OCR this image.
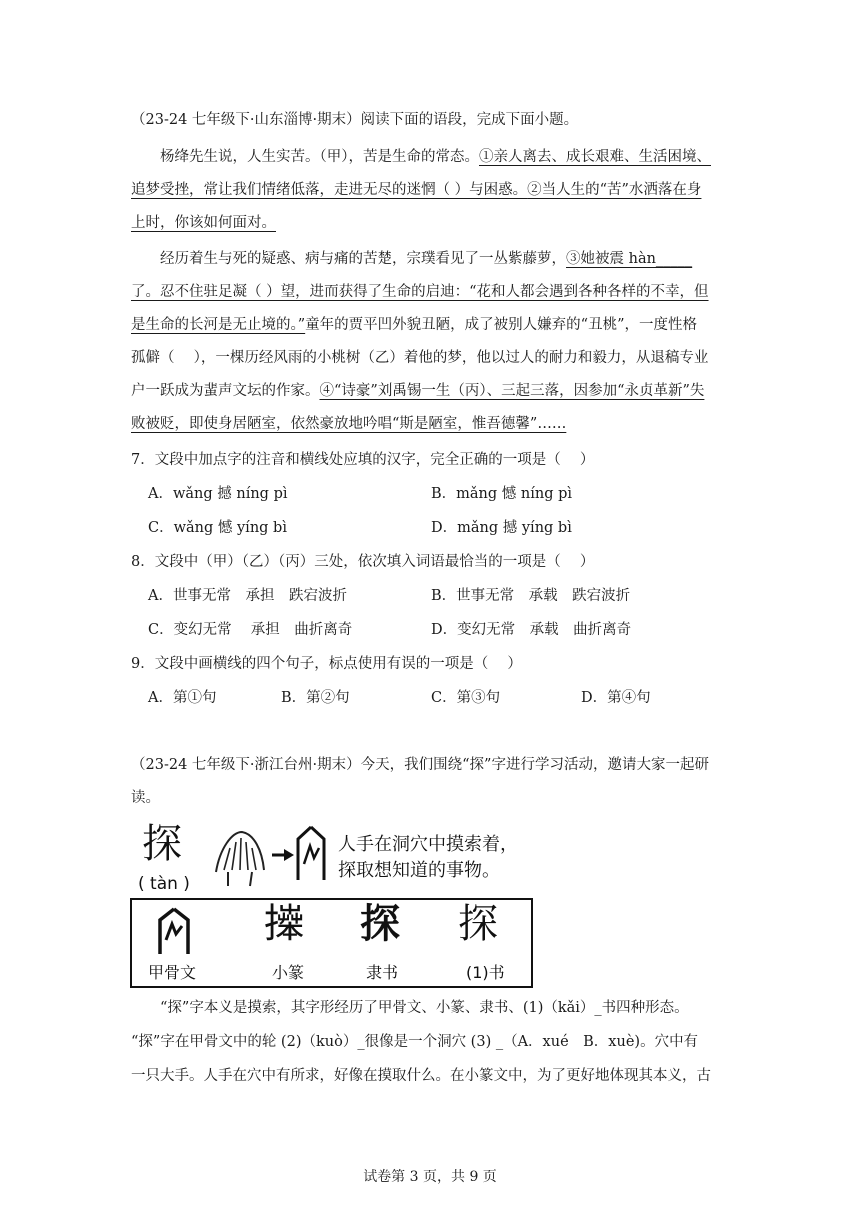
（23-24 七年级下·山东淄博·期末）阅读下面的语段，完成下面小题。
杨绛先生说，人生实苦。（甲），苦是生命的常态。①亲人离去、成长艰难、生活困境、
追梦受挫，常让我们情绪低落，走进无尽的迷惘（ ）与困惑。②当人生的“苦”水洒落在身
上时，你该如何面对。
经历着生与死的疑惑、病与痛的苦楚，宗璞看见了一丛紫藤萝，③她被震 hàn_____
了。忍不住驻足凝（ ）望，进而获得了生命的启迪：“花和人都会遇到各种各样的不幸，但
是生命的长河是无止境的。”童年的贾平凹外貌丑陋，成了被别人嫌弃的“丑桃”，一度性格
孤僻（　 ），一棵历经风雨的小桃树（乙）着他的梦，他以过人的耐力和毅力，从退稿专业
户一跃成为蜚声文坛的作家。④“诗豪”刘禹锡一生（丙）、三起三落，因参加“永贞革新”失
败被贬，即使身居陋室，依然豪放地吟唱“斯是陋室，惟吾德馨”……
7．文段中加点字的注音和横线处应填的汉字，完全正确的一项是（　 ）
A．wǎng 撼 níng pì	B．mǎng 憾 níng pì
C．wǎng 憾 yíng bì	D．mǎng 撼 yíng bì
8．文段中（甲）（乙）（丙）三处，依次填入词语最恰当的一项是（　 ）
A．世事无常　承担　跌宕波折	B．世事无常　承载　跌宕波折
C．变幻无常　 承担　曲折离奇	D．变幻无常　承载　曲折离奇
9．文段中画横线的四个句子，标点使用有误的一项是（　 ）
A．第①句	B．第②句	C．第③句	D．第④句
（23-24 七年级下·浙江台州·期末）今天，我们围绕“探”字进行学习活动，邀请大家一起研
读。
探
( tàn )
人手在洞穴中摸索着，
探取想知道的事物。
𢷎 探 探
甲骨文	小篆	隶书	(1)书
“探”字本义是摸索，其字形经历了甲骨文、小篆、隶书、(1)（kǎi）_书四种形态。
“探”字在甲骨文中的轮 (2)（kuò）_很像是一个洞穴 (3) _（A．xué　B．xuè)。穴中有
一只大手。人手在穴中有所求，好像在摸取什么。在小篆文中，为了更好地体现其本义，古
试卷第 3 页，共 9 页
